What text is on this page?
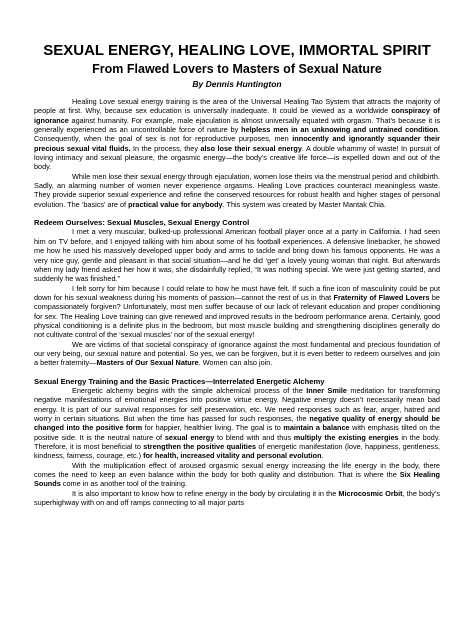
SEXUAL ENERGY, HEALING LOVE, IMMORTAL SPIRIT
From Flawed Lovers to Masters of Sexual Nature
By Dennis Huntington

Healing Love sexual energy training is the area of the Universal Healing Tao System that attracts the majority of people at first. Why, because sex education is universally inadequate. It could be viewed as a worldwide conspiracy of ignorance against humanity. For example, male ejaculation is almost universally equated with orgasm. That’s because it is generally experienced as an uncontrollable force of nature by helpless men in an unknowing and untrained condition. Consequently, when the goal of sex is not for reproductive purposes, men innocently and ignorantly squander their precious sexual vital fluids. In the process, they also lose their sexual energy. A double whammy of waste! In pursuit of loving intimacy and sexual pleasure, the orgasmic energy—the body’s creative life force—is expelled down and out of the body.

While men lose their sexual energy through ejaculation, women lose theirs via the menstrual period and childbirth. Sadly, an alarming number of women never experience orgasms. Healing Love practices counteract meaningless waste. They provide superior sexual experience and refine the conserved resources for robust health and higher stages of personal evolution. The ‘basics’ are of practical value for anybody. This system was created by Master Mantak Chia.

Redeem Ourselves: Sexual Muscles, Sexual Energy Control

I met a very muscular, bulked-up professional American football player once at a party in California. I had seen him on TV before, and I enjoyed talking with him about some of his football experiences. A defensive linebacker, he showed me how he used his massively developed upper body and arms to tackle and bring down his famous opponents. He was a very nice guy, gentle and pleasant in that social situation—and he did ‘get’ a lovely young woman that night. But afterwards when my lady friend asked her how it was, she disdainfully replied, “It was nothing special. We were just getting started, and suddenly he was finished.”

I felt sorry for him because I could relate to how he must have felt. If such a fine icon of masculinity could be put down for his sexual weakness during his moments of passion—cannot the rest of us in that Fraternity of Flawed Lovers be compassionately forgiven? Unfortunately, most men suffer because of our lack of relevant education and proper conditioning for sex. The Healing Love training can give renewed and improved results in the bedroom performance arena. Certainly, good physical conditioning is a definite plus in the bedroom, but most muscle building and strengthening disciplines generally do not cultivate control of the ‘sexual muscles’ nor of the sexual energy!

We are victims of that societal conspiracy of ignorance against the most fundamental and precious foundation of our very being, our sexual nature and potential. So yes, we can be forgiven, but it is even better to redeem ourselves and join a better fraternity—Masters of Our Sexual Nature. Women can also join.

Sexual Energy Training and the Basic Practices—Interrelated Energetic Alchemy

Energetic alchemy begins with the simple alchemical process of the Inner Smile meditation for transforming negative manifestations of emotional energies into positive virtue energy. Negative energy doesn’t necessarily mean bad energy. It is part of our survival responses for self preservation, etc. We need responses such as fear, anger, hatred and worry in certain situations. But when the time has passed for such responses, the negative quality of energy should be changed into the positive form for happier, healthier living. The goal is to maintain a balance with emphasis tilted on the positive side. It is the neutral nature of sexual energy to blend with and thus multiply the existing energies in the body. Therefore, it is most beneficial to strengthen the positive qualities of energetic manifestation (love, happiness, gentleness, kindness, fairness, courage, etc.) for health, increased vitality and personal evolution.

With the multiplication effect of aroused orgasmic sexual energy increasing the life energy in the body, there comes the need to keep an even balance within the body for both quality and distribution. That is where the Six Healing Sounds come in as another tool of the training.

It is also important to know how to refine energy in the body by circulating it in the Microcosmic Orbit, the body’s superhighway with on and off ramps connecting to all major parts
